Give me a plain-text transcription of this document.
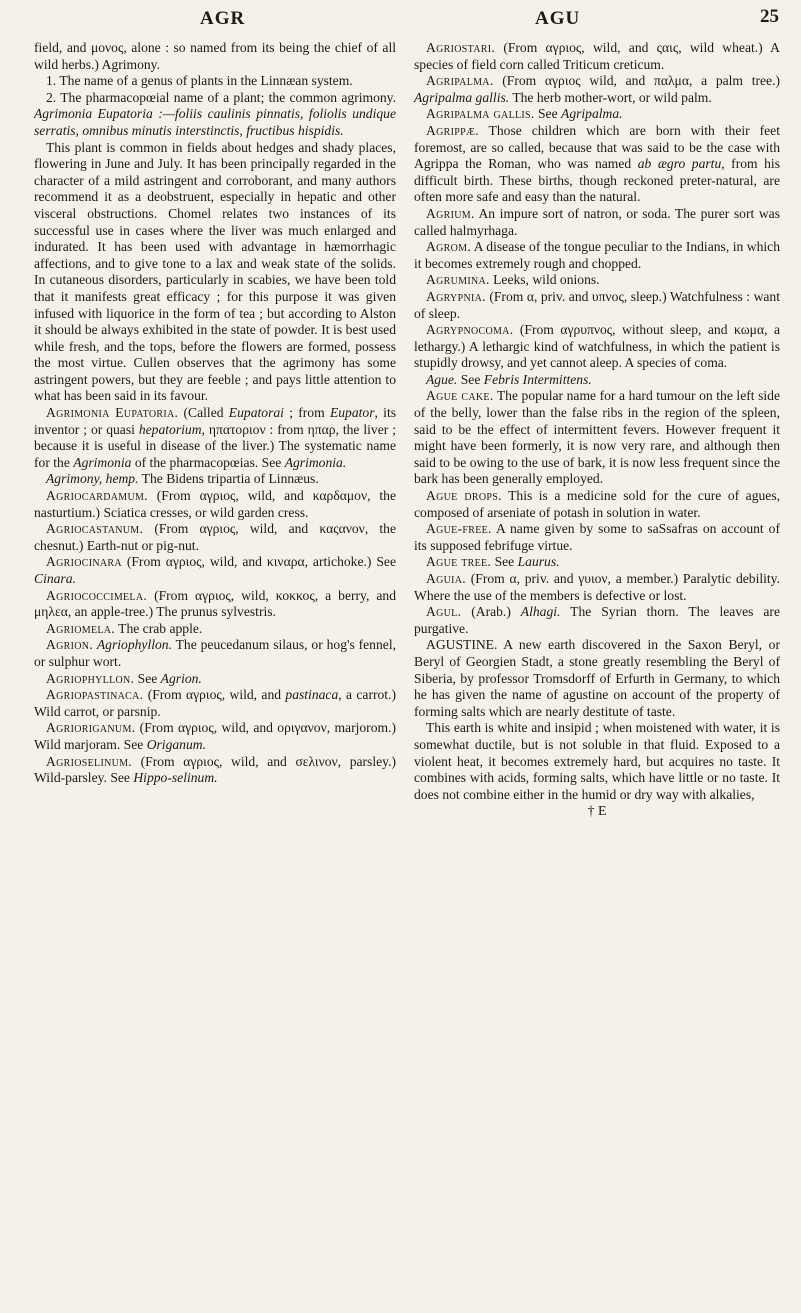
AGR	AGU	25

field, and μονος, alone : so named from its being the chief of all wild herbs.) Agrimony.

1. The name of a genus of plants in the Linnæan system.

2. The pharmacopœial name of a plant; the common agrimony. Agrimonia Eupatoria :—foliis caulinis pinnatis, foliolis undique serratis, omnibus minutis interstinctis, fructibus hispidis.

This plant is common in fields about hedges and shady places, flowering in June and July. It has been principally regarded in the character of a mild astringent and corroborant, and many authors recommend it as a deobstruent, especially in hepatic and other visceral obstructions. Chomel relates two instances of its successful use in cases where the liver was much enlarged and indurated. It has been used with advantage in hæmorrhagic affections, and to give tone to a lax and weak state of the solids. In cutaneous disorders, particularly in scabies, we have been told that it manifests great efficacy ; for this purpose it was given infused with liquorice in the form of tea ; but according to Alston it should be always exhibited in the state of powder. It is best used while fresh, and the tops, before the flowers are formed, possess the most virtue. Cullen observes that the agrimony has some astringent powers, but they are feeble ; and pays little attention to what has been said in its favour.

Agrimonia Eupatoria. (Called Eupatorai ; from Eupator, its inventor ; or quasi hepatorium, ηπατοριον : from ηπαρ, the liver ; because it is useful in disease of the liver.) The systematic name for the Agrimonia of the pharmacopœias. See Agrimonia.

Agrimony, hemp. The Bidens tripartia of Linnæus.

Agriocardamum. (From αγριος, wild, and καρδαμον, the nasturtium.) Sciatica cresses, or wild garden cress.

Agriocastanum. (From αγριος, wild, and καςανον, the chesnut.) Earth-nut or pig-nut.

Agriocinara (From αγριος, wild, and κιναρα, artichoke.) See Cinara.

Agriococcimela. (From αγριος, wild, κοκκος, a berry, and μηλεα, an apple-tree.) The prunus sylvestris.

Agriomela. The crab apple.

Agrion. Agriophyllon. The peucedanum silaus, or hog's fennel, or sulphur wort.

Agriophyllon. See Agrion.

Agriopastinaca. (From αγριος, wild, and pastinaca, a carrot.) Wild carrot, or parsnip.

Agrioriganum. (From αγριος, wild, and οριγανον, marjorom.) Wild marjoram. See Origanum.

Agrioselinum. (From αγριος, wild, and σελινον, parsley.) Wild-parsley. See Hippo-selinum.

Agriostari. (From αγριος, wild, and ςαις, wild wheat.) A species of field corn called Triticum creticum.

Agripalma. (From αγριος wild, and παλμα, a palm tree.) Agripalma gallis. The herb mother-wort, or wild palm.

Agripalma gallis. See Agripalma.

Agrippæ. Those children which are born with their feet foremost, are so called, because that was said to be the case with Agrippa the Roman, who was named ab ægro partu, from his difficult birth. These births, though reckoned preter-natural, are often more safe and easy than the natural.

Agrium. An impure sort of natron, or soda. The purer sort was called halmyrhaga.

Agrom. A disease of the tongue peculiar to the Indians, in which it becomes extremely rough and chopped.

Agrumina. Leeks, wild onions.

Agrypnia. (From α, priv. and υπνος, sleep.) Watchfulness : want of sleep.

Agrypnocoma. (From αγρυπνος, without sleep, and κωμα, a lethargy.) A lethargic kind of watchfulness, in which the patient is stupidly drowsy, and yet cannot aleep. A species of coma.

Ague. See Febris Intermittens.

Ague cake. The popular name for a hard tumour on the left side of the belly, lower than the false ribs in the region of the spleen, said to be the effect of intermittent fevers. However frequent it might have been formerly, it is now very rare, and although then said to be owing to the use of bark, it is now less frequent since the bark has been generally employed.

Ague drops. This is a medicine sold for the cure of agues, composed of arseniate of potash in solution in water.

Ague-free. A name given by some to saSsafras on account of its supposed febrifuge virtue.

Ague tree. See Laurus.

Aguia. (From α, priv. and γυιον, a member.) Paralytic debility. Where the use of the members is defective or lost.

Agul. (Arab.) Alhagi. The Syrian thorn. The leaves are purgative.

AGUSTINE. A new earth discovered in the Saxon Beryl, or Beryl of Georgien Stadt, a stone greatly resembling the Beryl of Siberia, by professor Tromsdorff of Erfurth in Germany, to which he has given the name of agustine on account of the property of forming salts which are nearly destitute of taste.

This earth is white and insipid ; when moistened with water, it is somewhat ductile, but is not soluble in that fluid. Exposed to a violent heat, it becomes extremely hard, but acquires no taste. It combines with acids, forming salts, which have little or no taste. It does not combine either in the humid or dry way with alkalies,

† E
